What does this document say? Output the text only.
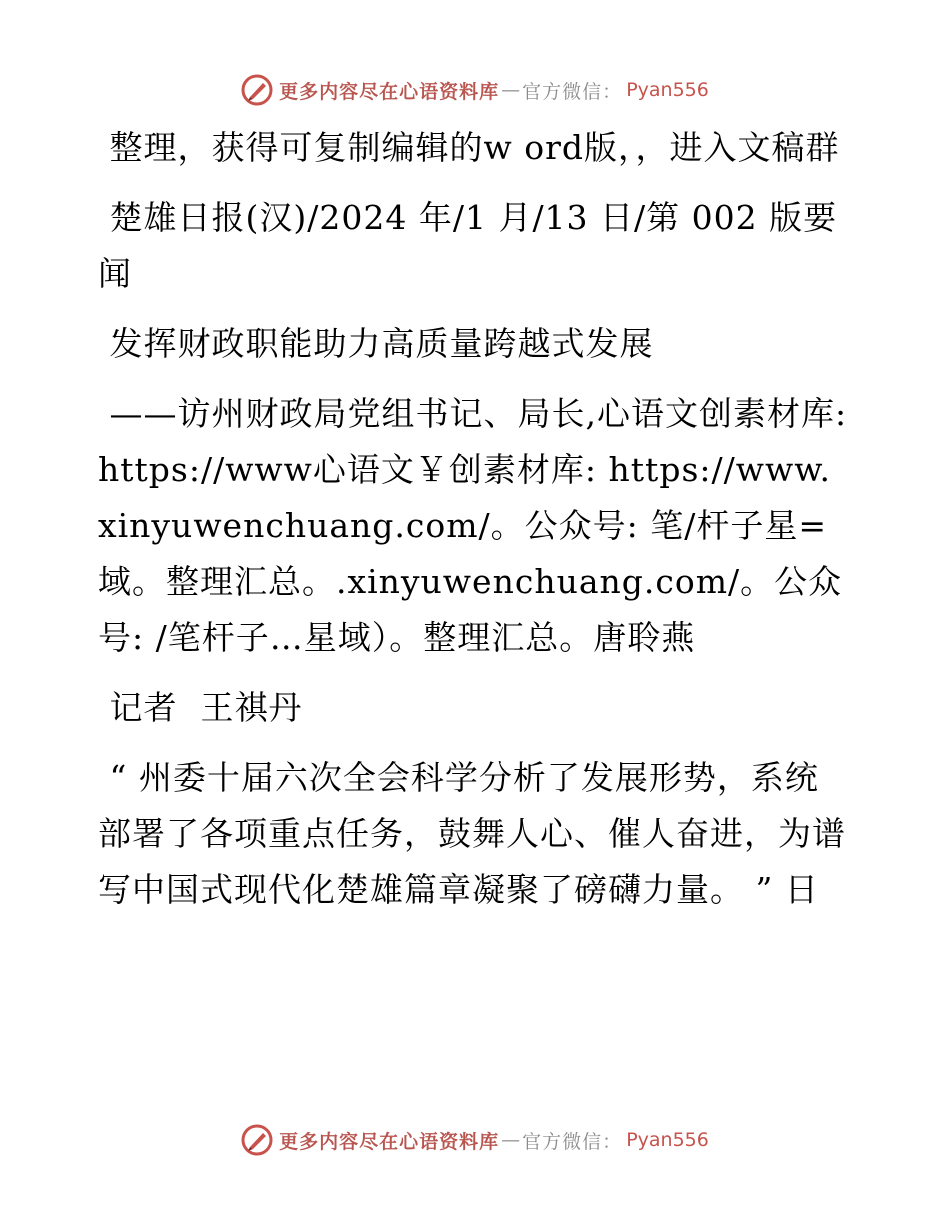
更多内容尽在心语资料库 — 官方微信： Pyan556

整理，获得可复制编辑的w ord版，，进入文稿群

楚雄日报(汉)/2024 年/1 月/13 日/第 002 版要闻

发挥财政职能助力高质量跨越式发展

——访州财政局党组书记、局长,心语文创素材库: https://www心语文￥创素材库: https://www.xinyuwenchuang.com/。公众号: 笔/杆子星=域。整理汇总。.xinyuwenchuang.com/。公众号: /笔杆子…星域）。整理汇总。唐聆燕

记者  王祺丹

“ 州委十届六次全会科学分析了发展形势，系统部署了各项重点任务，鼓舞人心、催人奋进，为谱写中国式现代化楚雄篇章凝聚了磅礴力量。 ” 日

更多内容尽在心语资料库 — 官方微信： Pyan556
